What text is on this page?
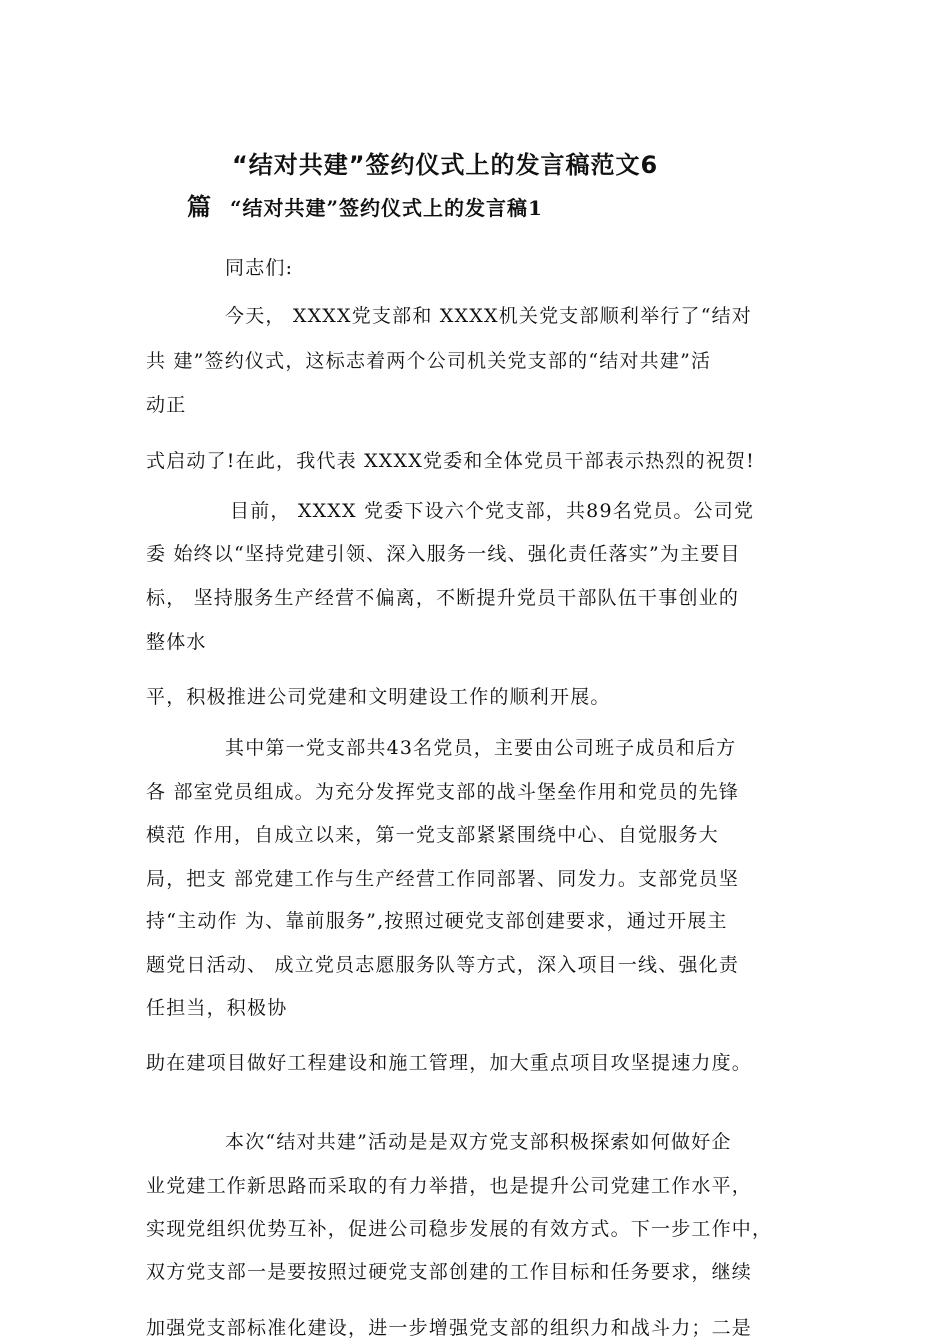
“结对共建”签约仪式上的发言稿范文6
篇 “结对共建”签约仪式上的发言稿1
同志们:
今天， XXXX党支部和 XXXX机关党支部顺利举行了“结对
共 建”签约仪式，这标志着两个公司机关党支部的“结对共建”活
动正
式启动了!在此，我代表 XXXX党委和全体党员干部表示热烈的祝贺!
目前， XXXX 党委下设六个党支部，共89名党员。公司党
委 始终以“坚持党建引领、深入服务一线、强化责任落实”为主要目
标， 坚持服务生产经营不偏离，不断提升党员干部队伍干事创业的
整体水
平，积极推进公司党建和文明建设工作的顺利开展。
其中第一党支部共43名党员，主要由公司班子成员和后方
各 部室党员组成。为充分发挥党支部的战斗堡垒作用和党员的先锋
模范 作用，自成立以来，第一党支部紧紧围绕中心、自觉服务大
局，把支 部党建工作与生产经营工作同部署、同发力。支部党员坚
持“主动作 为、靠前服务”,按照过硬党支部创建要求，通过开展主
题党日活动、 成立党员志愿服务队等方式，深入项目一线、强化责
任担当，积极协
助在建项目做好工程建设和施工管理，加大重点项目攻坚提速力度。
本次“结对共建”活动是是双方党支部积极探索如何做好企
业党建工作新思路而采取的有力举措，也是提升公司党建工作水平，
实现党组织优势互补，促进公司稳步发展的有效方式。下一步工作中，
双方党支部一是要按照过硬党支部创建的工作目标和任务要求，继续
加强党支部标准化建设，进一步增强党支部的组织力和战斗力；二是
